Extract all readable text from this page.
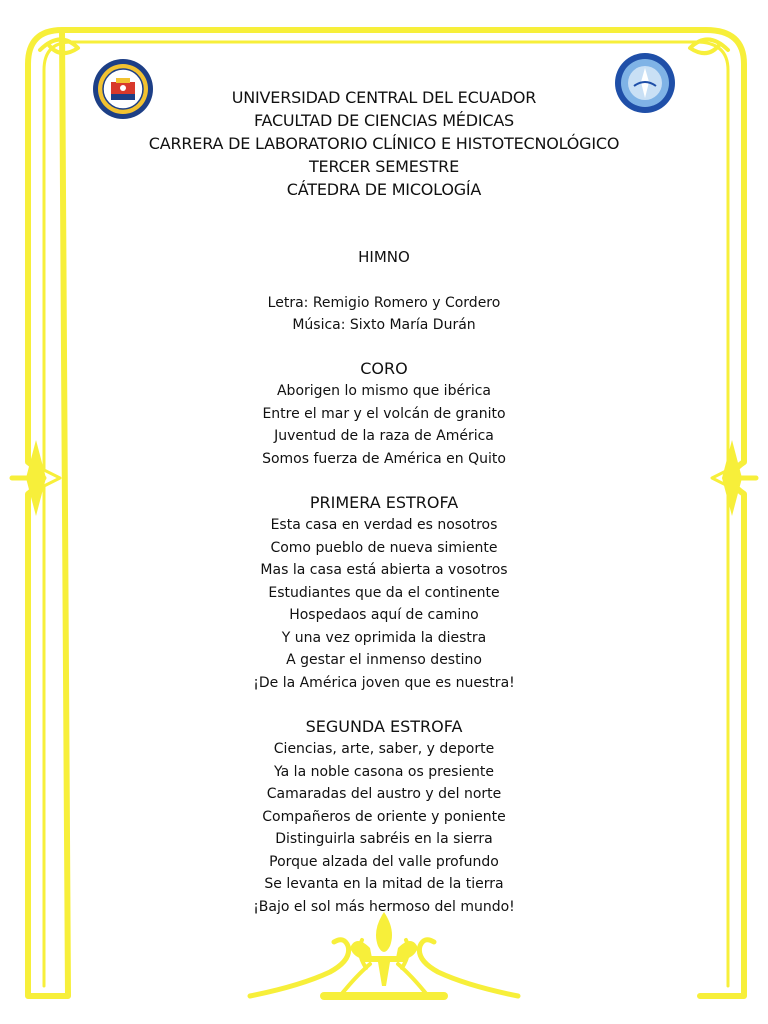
UNIVERSIDAD CENTRAL DEL ECUADOR
FACULTAD DE CIENCIAS MÉDICAS
CARRERA DE LABORATORIO CLÍNICO E HISTOTECNOLÓGICO
TERCER SEMESTRE
CÁTEDRA DE MICOLOGÍA
HIMNO
Letra: Remigio Romero y Cordero
Música: Sixto María Durán
CORO
Aborigen lo mismo que ibérica
Entre el mar y el volcán de granito
Juventud de la raza de América
Somos fuerza de América en Quito
PRIMERA ESTROFA
Esta casa en verdad es nosotros
Como pueblo de nueva simiente
Mas la casa está abierta a vosotros
Estudiantes que da el continente
Hospedaos aquí de camino
Y una vez oprimida la diestra
A gestar el inmenso destino
¡De la América joven que es nuestra!
SEGUNDA ESTROFA
Ciencias, arte, saber, y deporte
Ya la noble casona os presiente
Camaradas del austro y del norte
Compañeros de oriente y poniente
Distinguirla sabréis en la sierra
Porque alzada del valle profundo
Se levanta en la mitad de la tierra
¡Bajo el sol más hermoso del mundo!
